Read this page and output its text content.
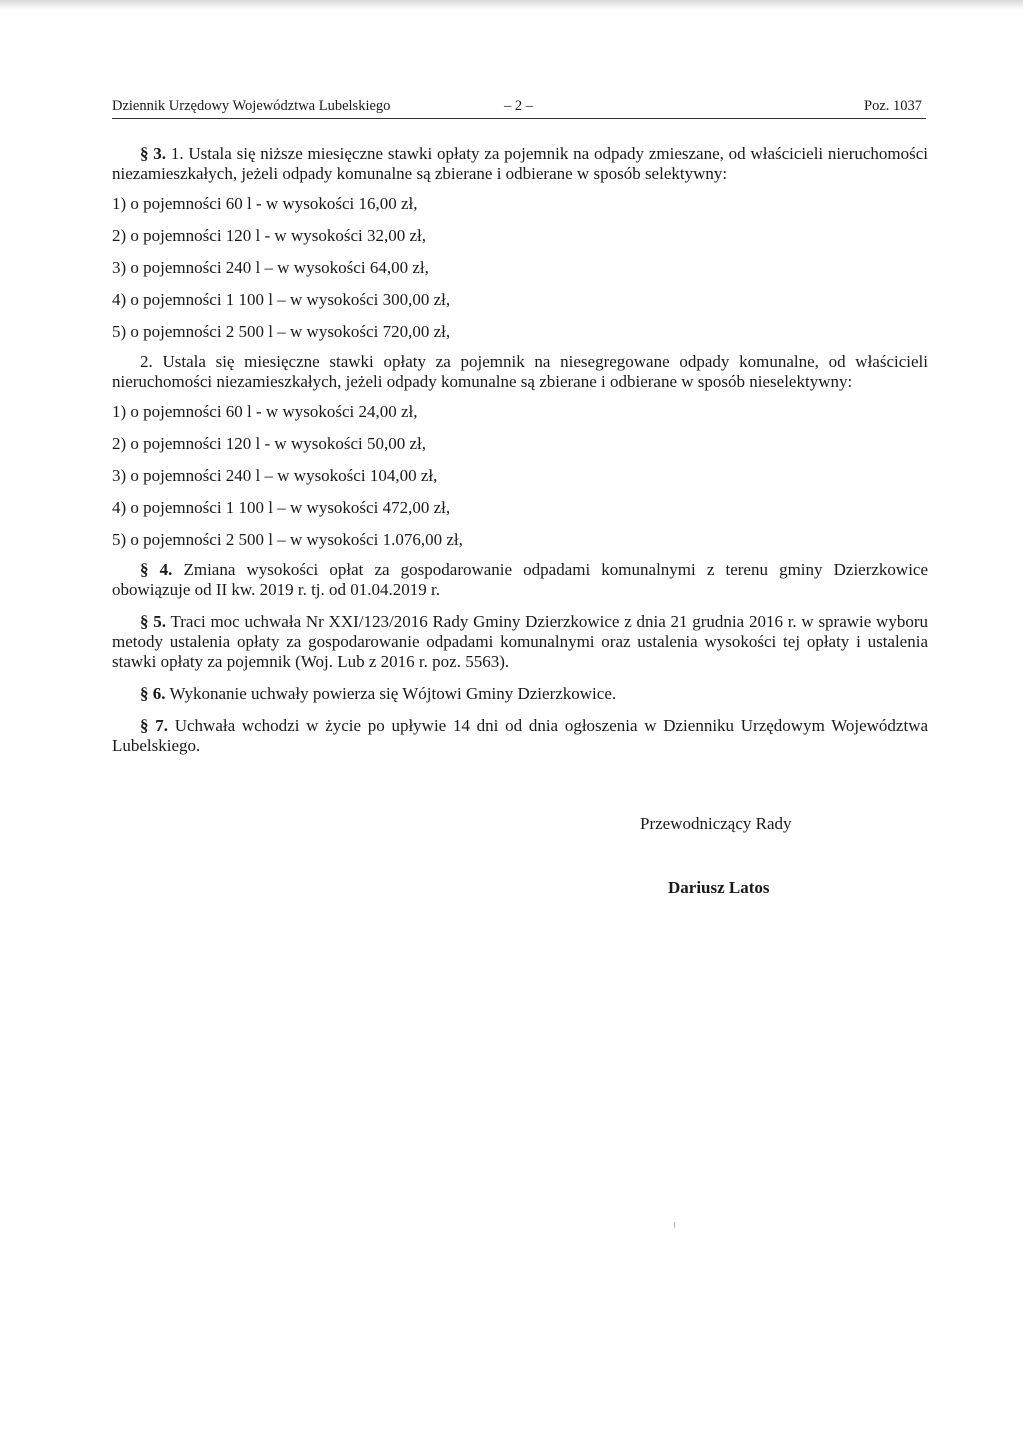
Dziennik Urzędowy Województwa Lubelskiego	– 2 –	Poz. 1037

§ 3. 1. Ustala się niższe miesięczne stawki opłaty za pojemnik na odpady zmieszane, od właścicieli nieruchomości niezamieszkałych, jeżeli odpady komunalne są zbierane i odbierane w sposób selektywny:

1) o pojemności 60 l - w wysokości 16,00 zł,
2) o pojemności 120 l - w wysokości 32,00 zł,
3) o pojemności 240 l – w wysokości 64,00 zł,
4) o pojemności 1 100 l – w wysokości 300,00 zł,
5) o pojemności 2 500 l – w wysokości 720,00 zł,

2. Ustala się miesięczne stawki opłaty za pojemnik na niesegregowane odpady komunalne, od właścicieli nieruchomości niezamieszkałych, jeżeli odpady komunalne są zbierane i odbierane w sposób nieselektywny:

1) o pojemności 60 l - w wysokości 24,00 zł,
2) o pojemności 120 l - w wysokości 50,00 zł,
3) o pojemności 240 l – w wysokości 104,00 zł,
4) o pojemności 1 100 l – w wysokości 472,00 zł,
5) o pojemności 2 500 l – w wysokości 1.076,00 zł,

§ 4. Zmiana wysokości opłat za gospodarowanie odpadami komunalnymi z terenu gminy Dzierzkowice obowiązuje od II kw. 2019 r. tj. od 01.04.2019 r.

§ 5. Traci moc uchwała Nr XXI/123/2016 Rady Gminy Dzierzkowice z dnia 21 grudnia 2016 r. w sprawie wyboru metody ustalenia opłaty za gospodarowanie odpadami komunalnymi oraz ustalenia wysokości tej opłaty i ustalenia stawki opłaty za pojemnik (Woj. Lub z 2016 r. poz. 5563).

§ 6. Wykonanie uchwały powierza się Wójtowi Gminy Dzierzkowice.

§ 7. Uchwała wchodzi w życie po upływie 14 dni od dnia ogłoszenia w Dzienniku Urzędowym Województwa Lubelskiego.

Przewodniczący Rady
Dariusz Latos
